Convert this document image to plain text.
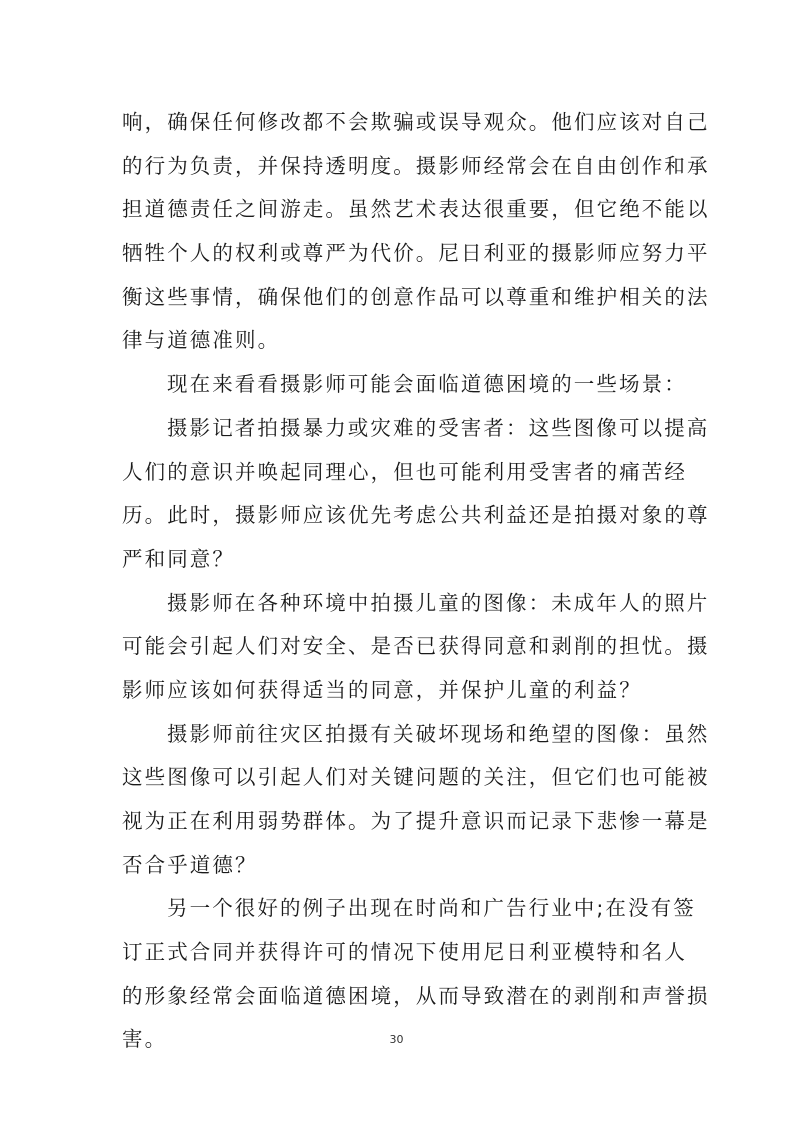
响，确保任何修改都不会欺骗或误导观众。他们应该对自己
的行为负责，并保持透明度。摄影师经常会在自由创作和承
担道德责任之间游走。虽然艺术表达很重要，但它绝不能以
牺牲个人的权利或尊严为代价。尼日利亚的摄影师应努力平
衡这些事情，确保他们的创意作品可以尊重和维护相关的法
律与道德准则。
现在来看看摄影师可能会面临道德困境的一些场景：
摄影记者拍摄暴力或灾难的受害者：这些图像可以提高
人们的意识并唤起同理心，但也可能利用受害者的痛苦经
历。此时，摄影师应该优先考虑公共利益还是拍摄对象的尊
严和同意？
摄影师在各种环境中拍摄儿童的图像：未成年人的照片
可能会引起人们对安全、是否已获得同意和剥削的担忧。摄
影师应该如何获得适当的同意，并保护儿童的利益？
摄影师前往灾区拍摄有关破坏现场和绝望的图像：虽然
这些图像可以引起人们对关键问题的关注，但它们也可能被
视为正在利用弱势群体。为了提升意识而记录下悲惨一幕是
否合乎道德？
另一个很好的例子出现在时尚和广告行业中;在没有签
订正式合同并获得许可的情况下使用尼日利亚模特和名人
的形象经常会面临道德困境，从而导致潜在的剥削和声誉损
害。	30
